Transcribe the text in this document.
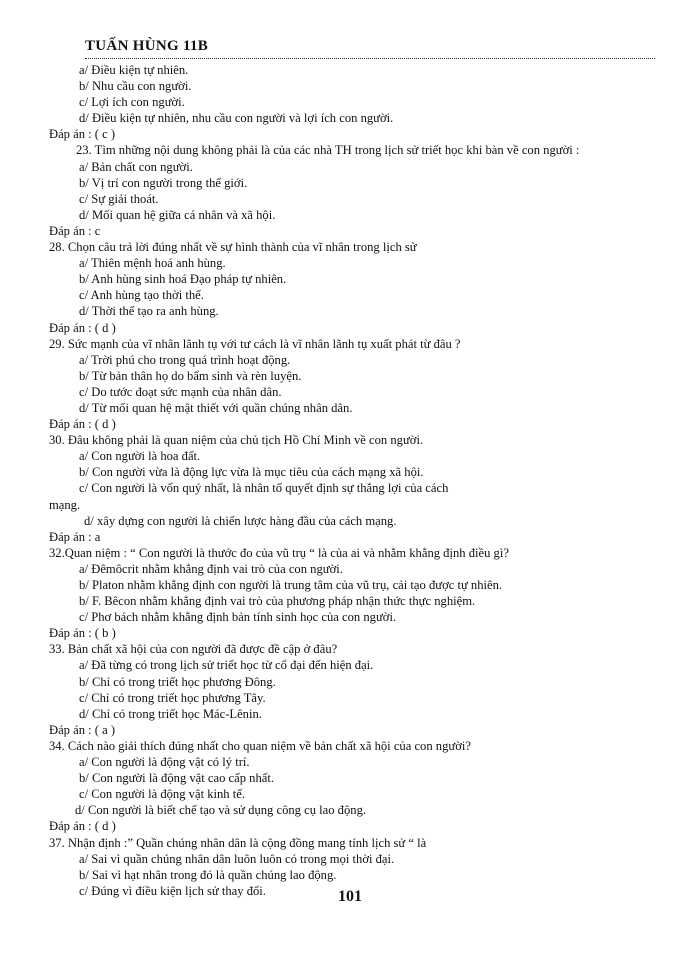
TUẤN HÙNG 11B
a/ Điều kiện tự nhiên.
b/ Nhu cầu con người.
c/ Lợi ích con người.
d/ Điều kiện tự nhiên, nhu cầu con người và lợi ích con người.
Đáp án : ( c )
23. Tìm những nội dung không phải là của các nhà TH trong lịch sử triết học khi bàn về con người :
a/ Bản chất con người.
b/ Vị trí con người trong thế giới.
c/ Sự giải thoát.
d/ Mối quan hệ giữa cá nhân và xã hội.
Đáp án : c
28. Chọn câu trả lời đúng nhất về sự hình thành của vĩ nhân trong lịch sử
a/ Thiên mệnh hoá anh hùng.
b/ Anh hùng sinh hoá Đạo pháp tự nhiên.
c/ Anh hùng tạo thời thế.
d/ Thời thế tạo ra anh hùng.
Đáp án : ( d )
29. Sức mạnh của vĩ nhân lãnh tụ với tư cách là vĩ nhân lãnh tụ xuất phát từ đâu ?
a/ Trời phú cho trong quá trình hoạt động.
b/ Từ bản thân họ do bẩm sinh và rèn luyện.
c/ Do tước đoạt sức mạnh của nhân dân.
d/ Từ mối quan hệ mật thiết với quần chúng nhân dân.
Đáp án : ( d )
30. Đâu không phải là quan niệm của chủ tịch Hồ Chí Minh về con người.
a/ Con người là hoa đất.
b/ Con người vừa là động lực vừa là mục tiêu của cách mạng xã hội.
c/ Con người là vốn quý nhất, là nhân tố quyết định sự thắng lợi của cách
mạng.
d/ xây dựng con người là chiến lược hàng đầu của cách mạng.
Đáp án : a
32.Quan niệm : “ Con người là thước đo của vũ trụ “ là của ai và nhằm khẳng định điều gì?
a/ Đêmôcrit nhằm khẳng định vai trò của con người.
b/ Platon nhằm khẳng định con người là trung tâm của vũ trụ, cải tạo được tự nhiên.
b/ F. Bêcon nhằm khẳng định vai trò của phương pháp nhận thức thực nghiệm.
c/ Phơ bách nhằm khẳng định bản tính sinh học của con người.
Đáp án : ( b )
33. Bản chất xã hội của con người đã được đề cập ở đâu?
a/ Đã từng có trong lịch sử triết học từ cổ đại đến hiện đại.
b/ Chỉ có trong triết học phương Đông.
c/ Chỉ có trong triết học phương Tây.
d/ Chỉ có trong triết học Mác-Lênin.
Đáp án : ( a )
34. Cách nào giải thích đúng nhất cho quan niệm về bản chất xã hội của con người?
a/ Con người là động vật có lý trí.
b/ Con người là động vật cao cấp nhất.
c/ Con người là động vật kinh tế.
d/ Con người là biết chế tạo và sử dụng công cụ lao động.
Đáp án : ( d )
37. Nhận định :” Quần chúng nhân dân là cộng đồng mang tính lịch sử “ là
a/ Sai vì quần chúng nhân dân luôn luôn có trong mọi thời đại.
b/ Sai vì hạt nhân trong đó là quần chúng lao động.
c/ Đúng vì điều kiện lịch sử thay đổi.	101
